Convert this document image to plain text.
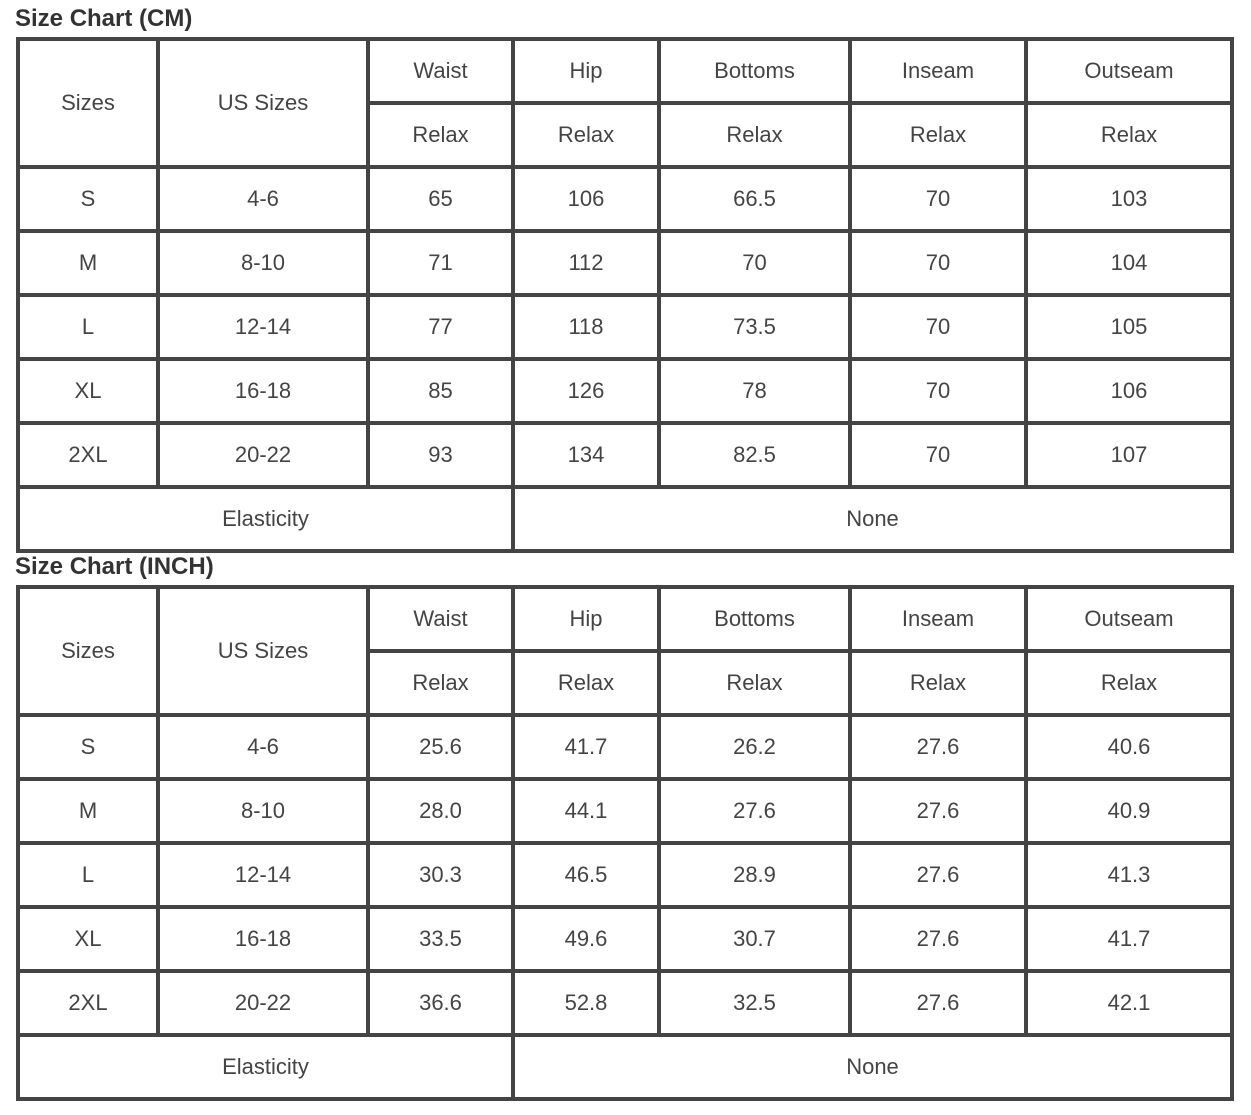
Size Chart (CM)
Sizes	US Sizes	Waist	Hip	Bottoms	Inseam	Outseam
		Relax	Relax	Relax	Relax	Relax
S	4-6	65	106	66.5	70	103
M	8-10	71	112	70	70	104
L	12-14	77	118	73.5	70	105
XL	16-18	85	126	78	70	106
2XL	20-22	93	134	82.5	70	107
Elasticity			None			
Size Chart (INCH)
Sizes	US Sizes	Waist	Hip	Bottoms	Inseam	Outseam
		Relax	Relax	Relax	Relax	Relax
S	4-6	25.6	41.7	26.2	27.6	40.6
M	8-10	28.0	44.1	27.6	27.6	40.9
L	12-14	30.3	46.5	28.9	27.6	41.3
XL	16-18	33.5	49.6	30.7	27.6	41.7
2XL	20-22	36.6	52.8	32.5	27.6	42.1
Elasticity			None			
